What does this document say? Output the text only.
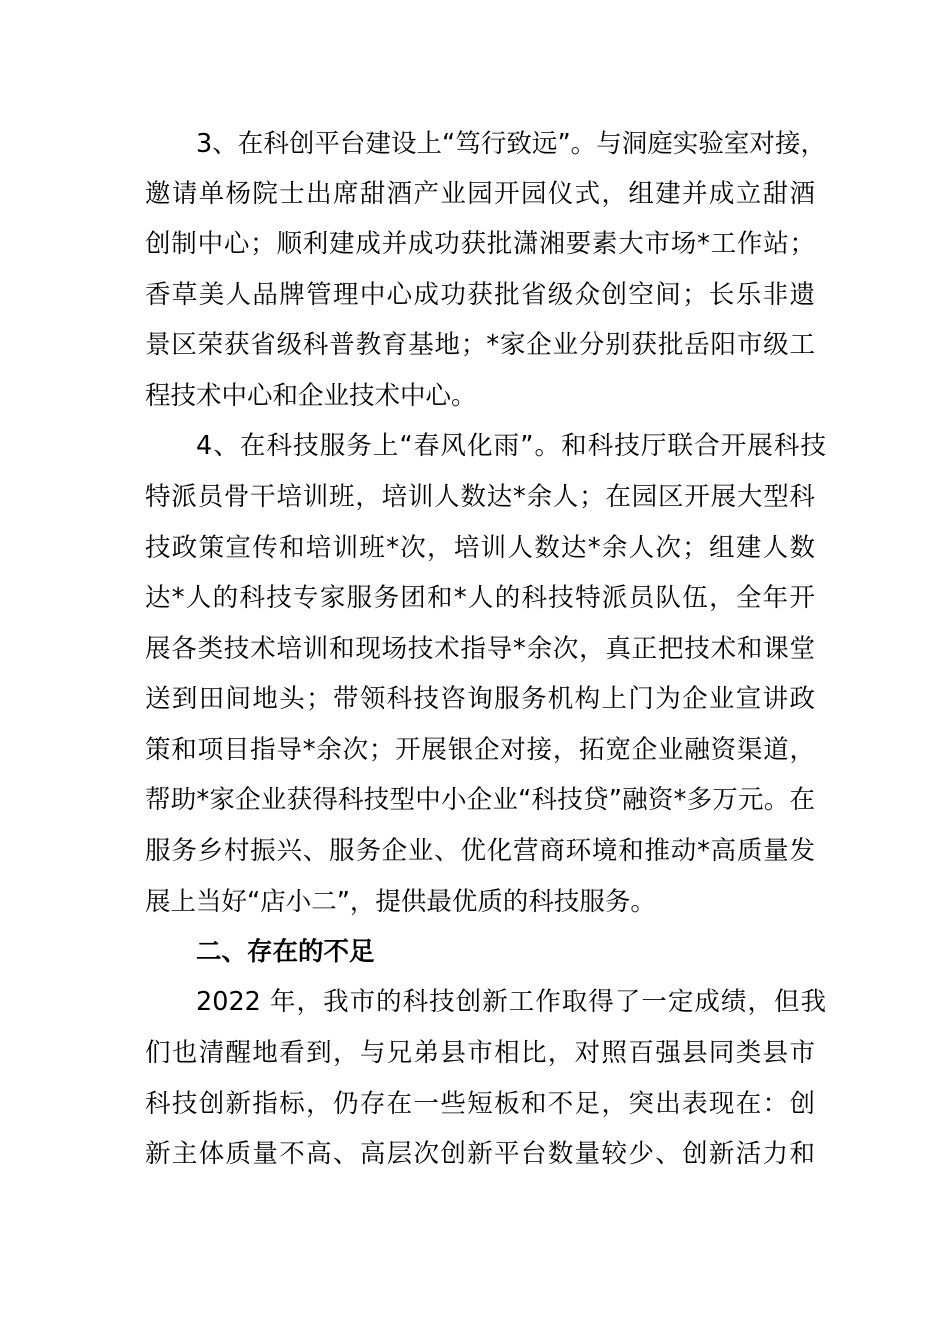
3、在科创平台建设上“笃行致远”。与洞庭实验室对接，
邀请单杨院士出席甜酒产业园开园仪式，组建并成立甜酒
创制中心；顺利建成并成功获批潇湘要素大市场*工作站；
香草美人品牌管理中心成功获批省级众创空间；长乐非遗
景区荣获省级科普教育基地；*家企业分别获批岳阳市级工
程技术中心和企业技术中心。
4、在科技服务上“春风化雨”。和科技厅联合开展科技
特派员骨干培训班，培训人数达*余人；在园区开展大型科
技政策宣传和培训班*次，培训人数达*余人次；组建人数
达*人的科技专家服务团和*人的科技特派员队伍，全年开
展各类技术培训和现场技术指导*余次，真正把技术和课堂
送到田间地头；带领科技咨询服务机构上门为企业宣讲政
策和项目指导*余次；开展银企对接，拓宽企业融资渠道，
帮助*家企业获得科技型中小企业“科技贷”融资*多万元。在
服务乡村振兴、服务企业、优化营商环境和推动*高质量发
展上当好“店小二”，提供最优质的科技服务。
二、存在的不足
2022 年，我市的科技创新工作取得了一定成绩，但我
们也清醒地看到，与兄弟县市相比，对照百强县同类县市
科技创新指标，仍存在一些短板和不足，突出表现在：创
新主体质量不高、高层次创新平台数量较少、创新活力和
